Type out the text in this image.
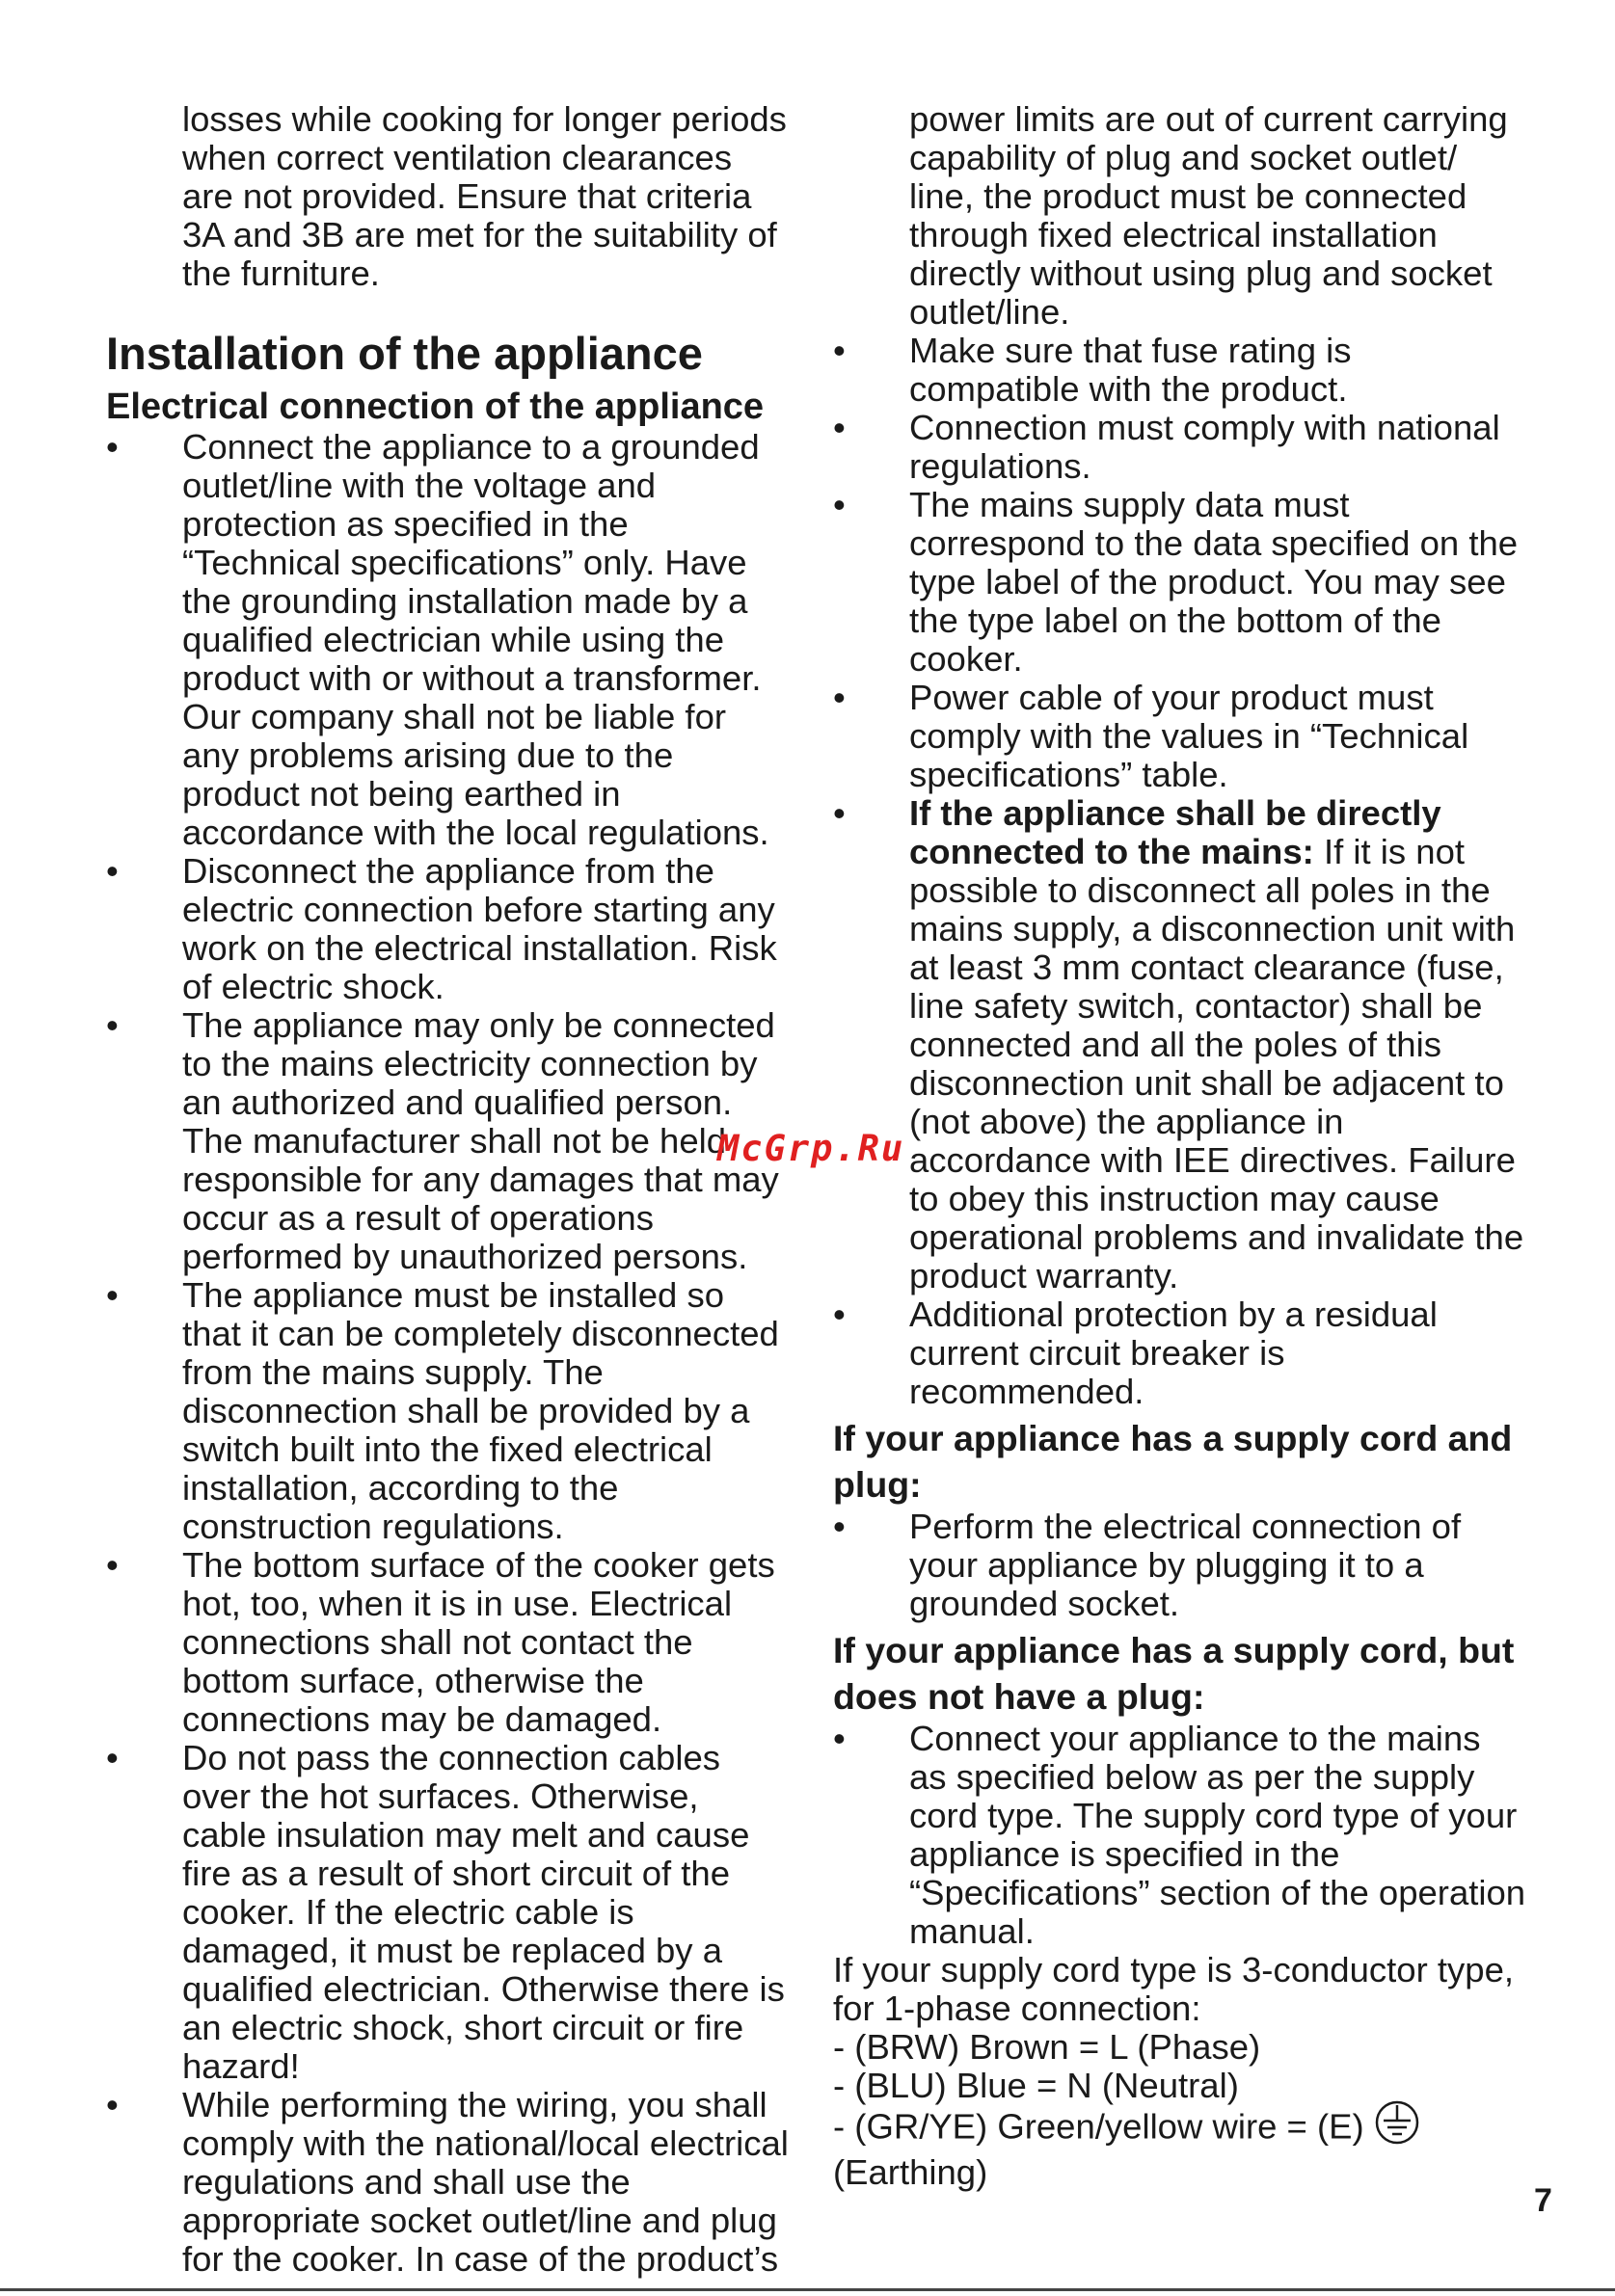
losses while cooking for longer periods when correct ventilation clearances are not provided. Ensure that criteria 3A and 3B are met for the suitability of the furniture.

Installation of the appliance
Electrical connection of the appliance
• Connect the appliance to a grounded outlet/line with the voltage and protection as specified in the “Technical specifications” only. Have the grounding installation made by a qualified electrician while using the product with or without a transformer. Our company shall not be liable for any problems arising due to the product not being earthed in accordance with the local regulations.
• Disconnect the appliance from the electric connection before starting any work on the electrical installation. Risk of electric shock.
• The appliance may only be connected to the mains electricity connection by an authorized and qualified person. The manufacturer shall not be held responsible for any damages that may occur as a result of operations performed by unauthorized persons.
• The appliance must be installed so that it can be completely disconnected from the mains supply. The disconnection shall be provided by a switch built into the fixed electrical installation, according to the construction regulations.
• The bottom surface of the cooker gets hot, too, when it is in use. Electrical connections shall not contact the bottom surface, otherwise the connections may be damaged.
• Do not pass the connection cables over the hot surfaces. Otherwise, cable insulation may melt and cause fire as a result of short circuit of the cooker. If the electric cable is damaged, it must be replaced by a qualified electrician. Otherwise there is an electric shock, short circuit or fire hazard!
• While performing the wiring, you shall comply with the national/local electrical regulations and shall use the appropriate socket outlet/line and plug for the cooker. In case of the product’s

power limits are out of current carrying capability of plug and socket outlet/ line, the product must be connected through fixed electrical installation directly without using plug and socket outlet/line.

• Make sure that fuse rating is compatible with the product.
• Connection must comply with national regulations.
• The mains supply data must correspond to the data specified on the type label of the product. You may see the type label on the bottom of the cooker.
• Power cable of your product must comply with the values in “Technical specifications” table.
• If the appliance shall be directly connected to the mains: If it is not possible to disconnect all poles in the mains supply, a disconnection unit with at least 3 mm contact clearance (fuse, line safety switch, contactor) shall be connected and all the poles of this disconnection unit shall be adjacent to (not above) the appliance in accordance with IEE directives. Failure to obey this instruction may cause operational problems and invalidate the product warranty.
• Additional protection by a residual current circuit breaker is recommended.
If your appliance has a supply cord and plug:
• Perform the electrical connection of your appliance by plugging it to a grounded socket.
If your appliance has a supply cord, but does not have a plug:
• Connect your appliance to the mains as specified below as per the supply cord type. The supply cord type of your appliance is specified in the “Specifications” section of the operation manual.

If your supply cord type is 3-conductor type, for 1-phase connection:

- (BRW) Brown = L (Phase)

- (BLU) Blue = N (Neutral)

- (GR/YE) Green/yellow wire = (E)

(Earthing)

McGrp.Ru
7
